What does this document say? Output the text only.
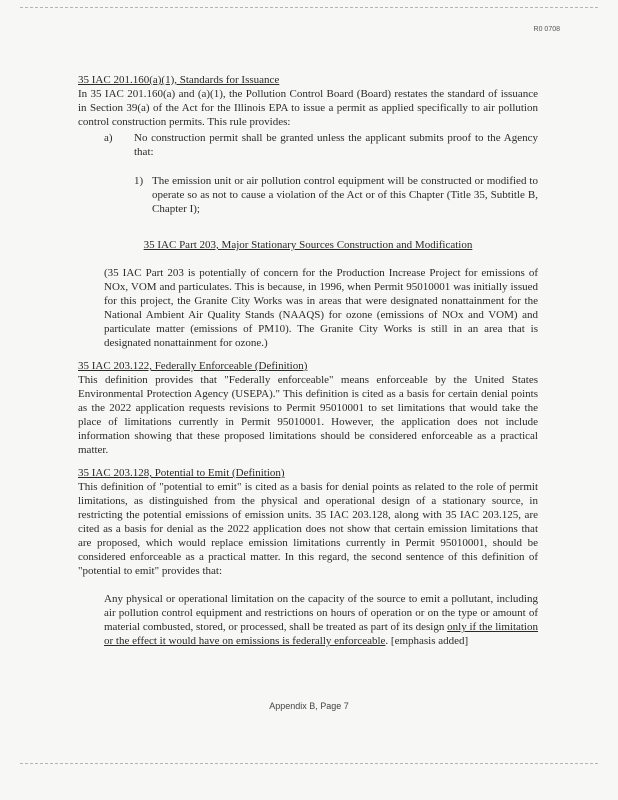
R0 0708
35 IAC 201.160(a)(1), Standards for Issuance
In 35 IAC 201.160(a) and (a)(1), the Pollution Control Board (Board) restates the standard of issuance in Section 39(a) of the Act for the Illinois EPA to issue a permit as applied specifically to air pollution control construction permits. This rule provides:
a)	No construction permit shall be granted unless the applicant submits proof to the Agency that:
1) The emission unit or air pollution control equipment will be constructed or modified to operate so as not to cause a violation of the Act or of this Chapter (Title 35, Subtitle B, Chapter I);
35 IAC Part 203, Major Stationary Sources Construction and Modification
(35 IAC Part 203 is potentially of concern for the Production Increase Project for emissions of NOx, VOM and particulates. This is because, in 1996, when Permit 95010001 was initially issued for this project, the Granite City Works was in areas that were designated nonattainment for the National Ambient Air Quality Stands (NAAQS) for ozone (emissions of NOx and VOM) and particulate matter (emissions of PM10). The Granite City Works is still in an area that is designated nonattainment for ozone.)
35 IAC 203.122, Federally Enforceable (Definition)
This definition provides that "Federally enforceable" means enforceable by the United States Environmental Protection Agency (USEPA)." This definition is cited as a basis for certain denial points as the 2022 application requests revisions to Permit 95010001 to set limitations that would take the place of limitations currently in Permit 95010001. However, the application does not include information showing that these proposed limitations should be considered enforceable as a practical matter.
35 IAC 203.128, Potential to Emit (Definition)
This definition of "potential to emit" is cited as a basis for denial points as related to the role of permit limitations, as distinguished from the physical and operational design of a stationary source, in restricting the potential emissions of emission units. 35 IAC 203.128, along with 35 IAC 203.125, are cited as a basis for denial as the 2022 application does not show that certain emission limitations that are proposed, which would replace emission limitations currently in Permit 95010001, should be considered enforceable as a practical matter. In this regard, the second sentence of this definition of "potential to emit" provides that:
Any physical or operational limitation on the capacity of the source to emit a pollutant, including air pollution control equipment and restrictions on hours of operation or on the type or amount of material combusted, stored, or processed, shall be treated as part of its design only if the limitation or the effect it would have on emissions is federally enforceable. [emphasis added]
Appendix B, Page 7
